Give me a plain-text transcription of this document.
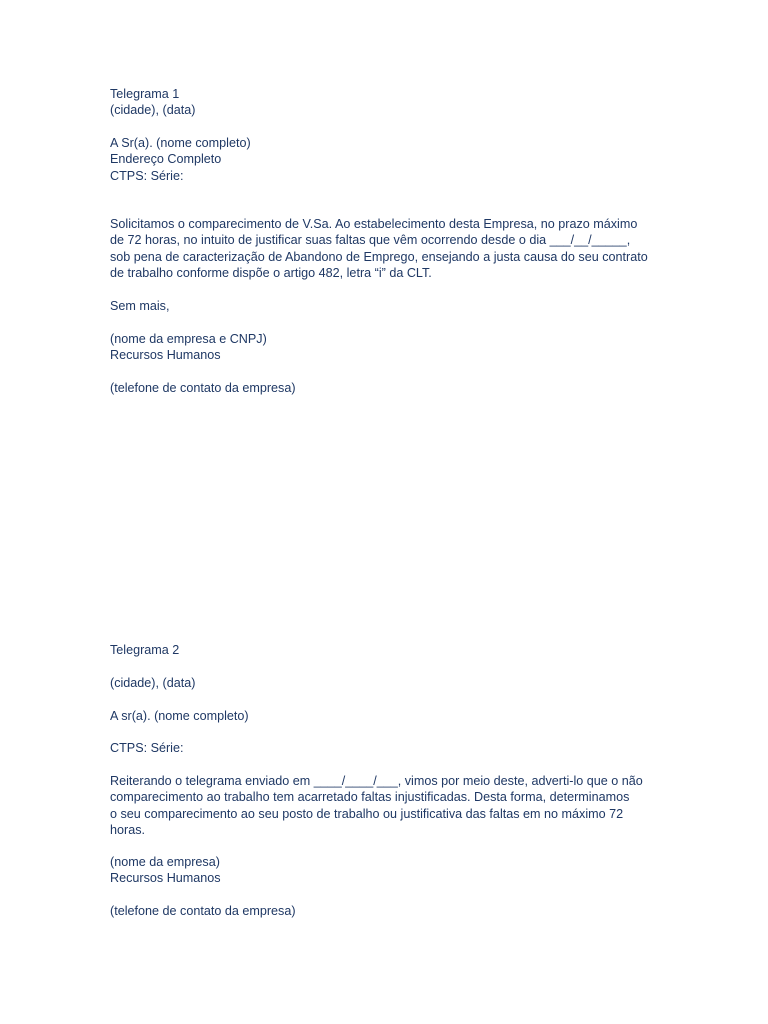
Telegrama 1
(cidade), (data)
A Sr(a). (nome completo)
Endereço Completo
CTPS: Série:
Solicitamos o comparecimento de V.Sa. Ao estabelecimento desta Empresa, no prazo máximo
de 72 horas, no intuito de justificar suas faltas que vêm ocorrendo desde o dia ___/__/_____,
sob pena de caracterização de Abandono de Emprego, ensejando a justa causa do seu contrato
de trabalho conforme dispõe o artigo 482, letra “i” da CLT.
Sem mais,
(nome da empresa e CNPJ)
Recursos Humanos
(telefone de contato da empresa)
Telegrama 2
(cidade), (data)
A sr(a). (nome completo)
CTPS: Série:
Reiterando o telegrama enviado em ____/____/___, vimos por meio deste, adverti-lo que o não
comparecimento ao trabalho tem acarretado faltas injustificadas. Desta forma, determinamos
o seu comparecimento ao seu posto de trabalho ou justificativa das faltas em no máximo 72
horas.
(nome da empresa)
Recursos Humanos
(telefone de contato da empresa)
